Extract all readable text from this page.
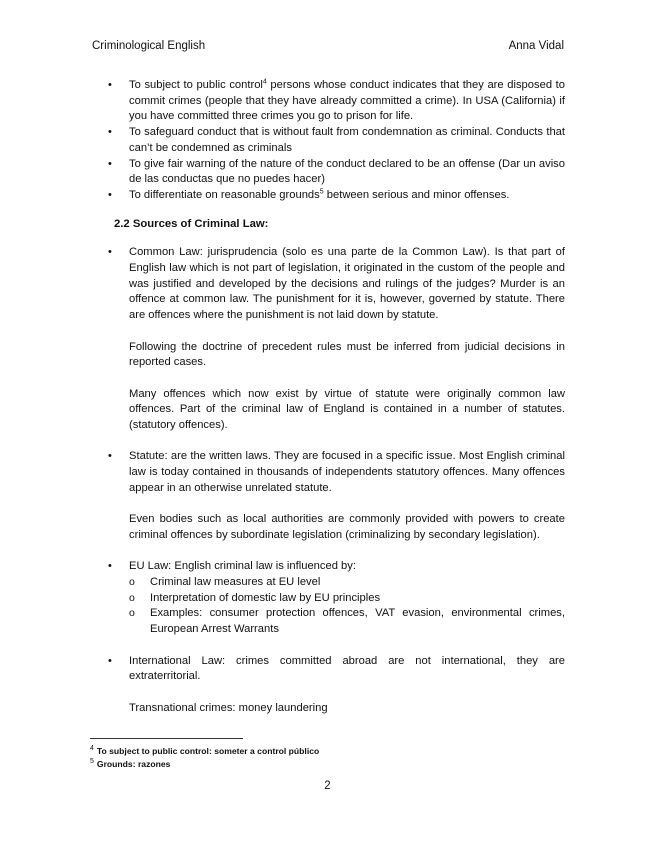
Criminological English	Anna Vidal
• To subject to public control$^4$ persons whose conduct indicates that they are disposed to commit crimes (people that they have already committed a crime). In USA (California) if you have committed three crimes you go to prison for life.
• To safeguard conduct that is without fault from condemnation as criminal. Conducts that can’t be condemned as criminals
• To give fair warning of the nature of the conduct declared to be an offense (Dar un aviso de las conductas que no puedes hacer)
• To differentiate on reasonable grounds$^5$ between serious and minor offenses.
2.2 Sources of Criminal Law:

• Common Law: jurisprudencia (solo es una parte de la Common Law). Is that part of English law which is not part of legislation, it originated in the custom of the people and was justified and developed by the decisions and rulings of the judges? Murder is an offence at common law. The punishment for it is, however, governed by statute. There are offences where the punishment is not laid down by statute.

Following the doctrine of precedent rules must be inferred from judicial decisions in reported cases.

Many offences which now exist by virtue of statute were originally common law offences. Part of the criminal law of England is contained in a number of statutes. (statutory offences).

• Statute: are the written laws. They are focused in a specific issue. Most English criminal law is today contained in thousands of independents statutory offences. Many offences appear in an otherwise unrelated statute.

Even bodies such as local authorities are commonly provided with powers to create criminal offences by subordinate legislation (criminalizing by secondary legislation).

• EU Law: English criminal law is influenced by:

o Criminal law measures at EU level
o Interpretation of domestic law by EU principles
o Examples: consumer protection offences, VAT evasion, environmental crimes, European Arrest Warrants

• International Law: crimes committed abroad are not international, they are extraterritorial.

Transnational crimes: money laundering

$^4$ To subject to public control: someter a control público
$^5$ Grounds: razones
2
